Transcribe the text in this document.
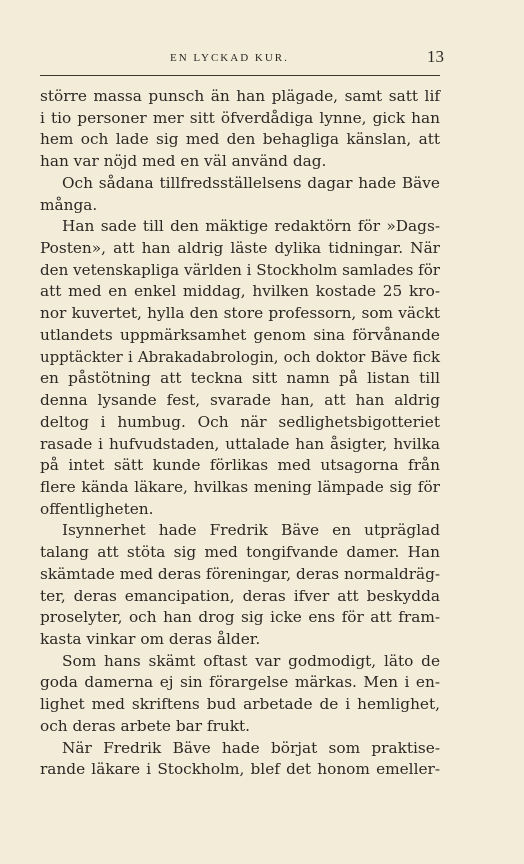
EN LYCKAD KUR.	13
större massa punsch än han plägade, samt satt lif
i tio personer mer sitt öfverdådiga lynne, gick han
hem och lade sig med den behagliga känslan, att
han var nöjd med en väl använd dag.
Och sådana tillfredsställelsens dagar hade Bäve
många.
Han sade till den mäktige redaktörn för »Dags-
Posten», att han aldrig läste dylika tidningar. När
den vetenskapliga världen i Stockholm samlades för
att med en enkel middag, hvilken kostade 25 kro-
nor kuvertet, hylla den store professorn, som väckt
utlandets uppmärksamhet genom sina förvånande
upptäckter i Abrakadabrologin, och doktor Bäve fick
en påstötning att teckna sitt namn på listan till
denna lysande fest, svarade han, att han aldrig
deltog i humbug. Och när sedlighetsbigotteriet
rasade i hufvudstaden, uttalade han åsigter, hvilka
på intet sätt kunde förlikas med utsagorna från
flere kända läkare, hvilkas mening lämpade sig för
offentligheten.
Isynnerhet hade Fredrik Bäve en utpräglad
talang att stöta sig med tongifvande damer. Han
skämtade med deras föreningar, deras normaldräg-
ter, deras emancipation, deras ifver att beskydda
proselyter, och han drog sig icke ens för att fram-
kasta vinkar om deras ålder.
Som hans skämt oftast var godmodigt, läto de
goda damerna ej sin förargelse märkas. Men i en-
lighet med skriftens bud arbetade de i hemlighet,
och deras arbete bar frukt.
När Fredrik Bäve hade börjat som praktise-
rande läkare i Stockholm, blef det honom emeller-
